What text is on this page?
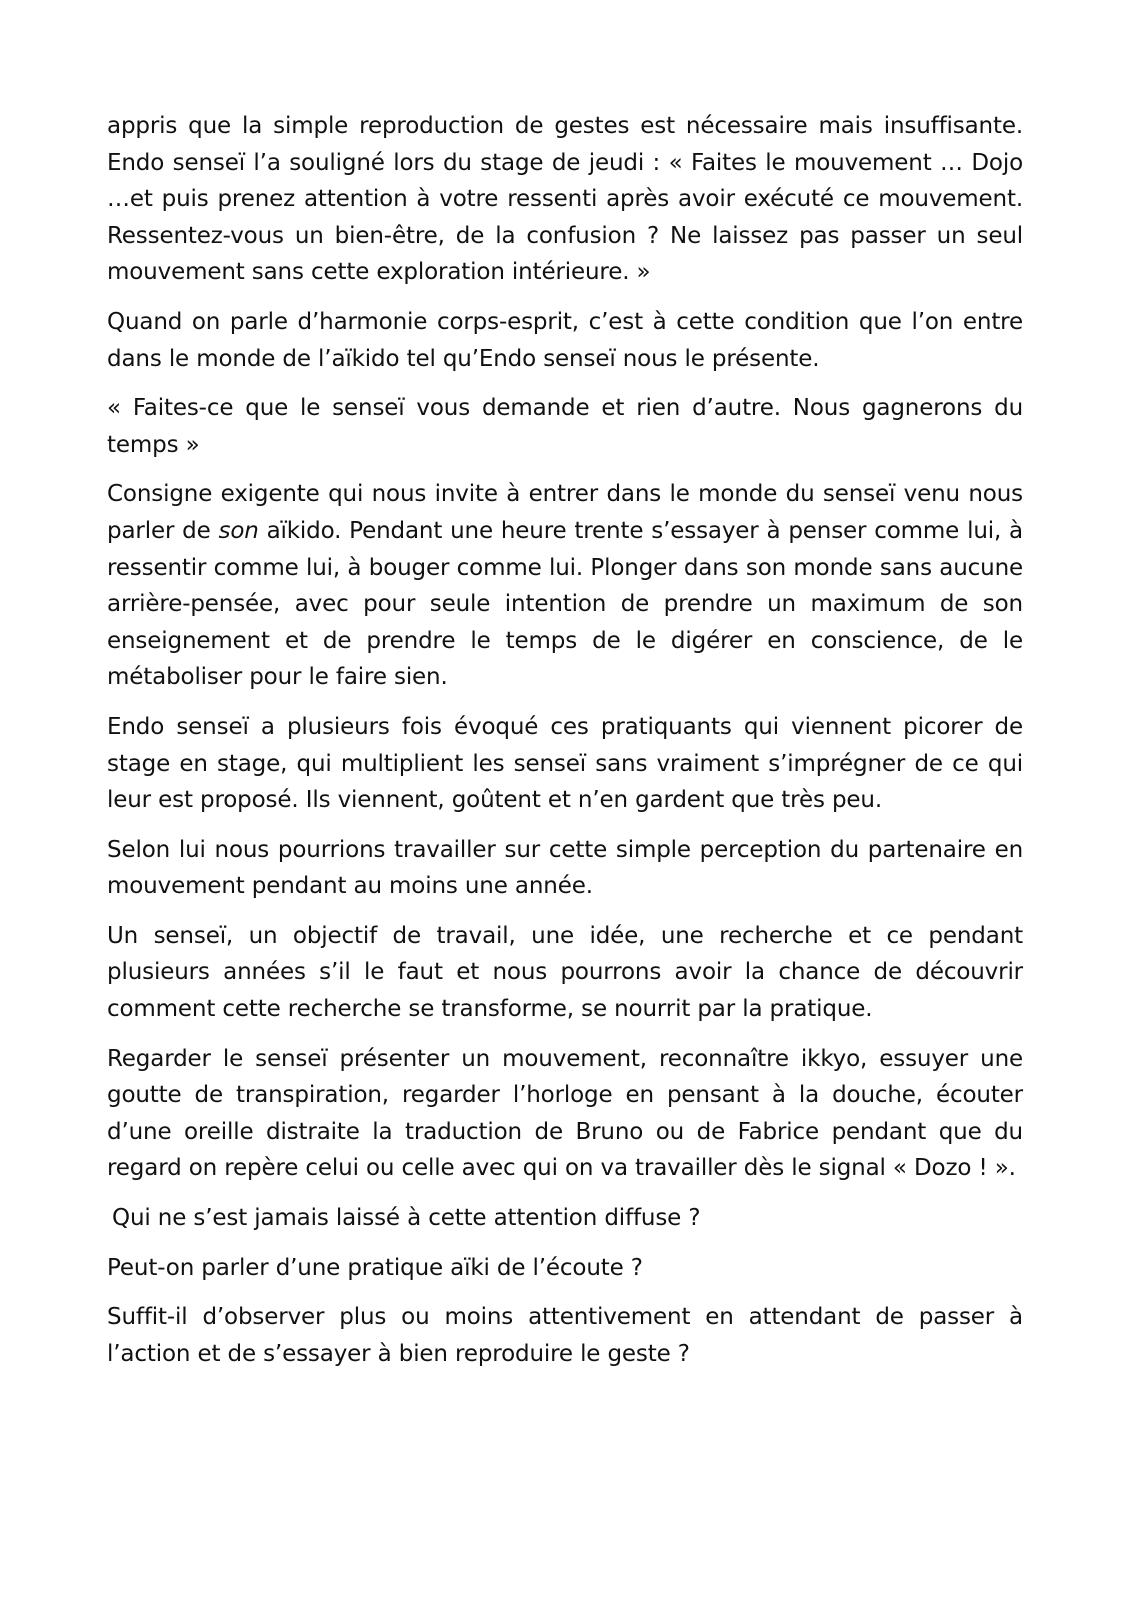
appris que la simple reproduction de gestes est nécessaire mais insuffisante. Endo senseï l’a souligné lors du stage de jeudi : « Faites le mouvement … Dojo …et puis prenez attention à votre ressenti après avoir exécuté ce mouvement. Ressentez-vous un bien-être, de la confusion ? Ne laissez pas passer un seul mouvement sans cette exploration intérieure. »

Quand on parle d’harmonie corps-esprit, c’est à cette condition que l’on entre dans le monde de l’aïkido tel qu’Endo senseï nous le présente.

« Faites-ce que le senseï vous demande et rien d’autre. Nous gagnerons du temps »

Consigne exigente qui nous invite à entrer dans le monde du senseï venu nous parler de son aïkido. Pendant une heure trente s’essayer à penser comme lui, à ressentir comme lui, à bouger comme lui. Plonger dans son monde sans aucune arrière-pensée, avec pour seule intention de prendre un maximum de son enseignement et de prendre le temps de le digérer en conscience, de le métaboliser pour le faire sien.

Endo senseï a plusieurs fois évoqué ces pratiquants qui viennent picorer de stage en stage, qui multiplient les senseï sans vraiment s’imprégner de ce qui leur est proposé. Ils viennent, goûtent et n’en gardent que très peu.

Selon lui nous pourrions travailler sur cette simple perception du partenaire en mouvement pendant au moins une année.

Un senseï, un objectif de travail, une idée, une recherche et ce pendant plusieurs années s’il le faut et nous pourrons avoir la chance de découvrir comment cette recherche se transforme, se nourrit par la pratique.

Regarder le senseï présenter un mouvement, reconnaître ikkyo, essuyer une goutte de transpiration, regarder l’horloge en pensant à la douche, écouter d’une oreille distraite la traduction de Bruno ou de Fabrice pendant que du regard on repère celui ou celle avec qui on va travailler dès le signal « Dozo ! ».

Qui ne s’est jamais laissé à cette attention diffuse ?

Peut-on parler d’une pratique aïki de l’écoute ?

Suffit-il d’observer plus ou moins attentivement en attendant de passer à l’action et de s’essayer à bien reproduire le geste ?
